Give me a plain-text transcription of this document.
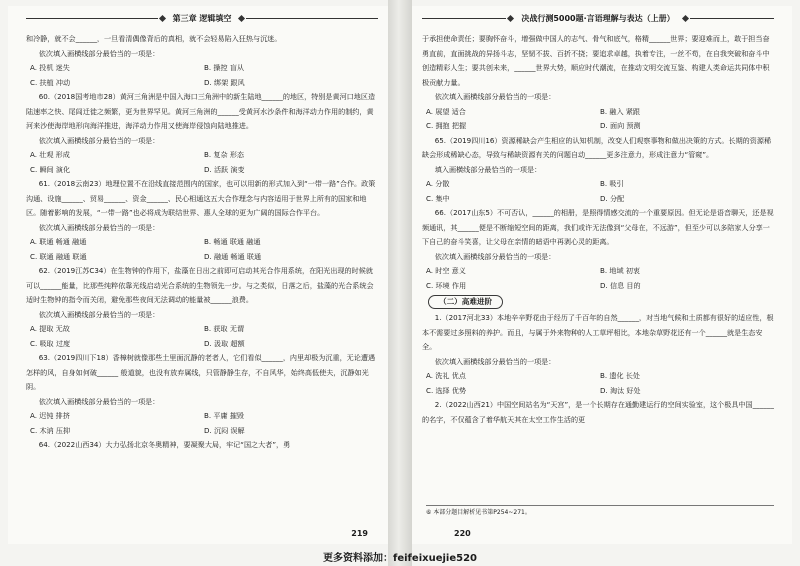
第三章 逻辑填空

和冷静，就不会______，一旦看清偶像背后的真相，就不会轻易陷入狂热与沉迷。

依次填入画横线部分最恰当的一项是：

A. 投机 迷失	B. 操控 盲从
C. 扶植 冲动	D. 绑架 跟风

60.（2018国考地市28）黄河三角洲是中国入海口三角洲中的新生陆地______的地区，特别是黄河口地区造陆速率之快、尾闾迁徙之频繁，更为世界罕见。黄河三角洲的______受黄河水沙条件和海洋动力作用的制约，黄河来沙使海岸地形向海洋推进，海洋动力作用又使海岸侵蚀向陆地推进。

依次填入画横线部分最恰当的一项是：

A. 壮观 形成	B. 复杂 形态
C. 瞬间 演化	D. 活跃 演变

61.（2018云南23）地理位置不在沿线直接范围内的国家，也可以用新的形式加入到“一带一路”合作。政策沟通、设施______、贸易______、资金______、民心相通这五大合作理念与内容适用于世界上所有的国家和地区。随着影响的发展，“一带一路”也必将成为联结世界、惠人全球的更为广阔的国际合作平台。

依次填入画横线部分最恰当的一项是：

A. 联通 畅通 融通	B. 畅通 联通 融通
C. 联通 融通 联通	D. 融通 畅通 联通

62.（2019江苏C34）在生物钟的作用下，盐藻在日出之前即可启动其光合作用系统，在阳光出现的时候就可以______能量，比那些纯粹依靠光线启动光合系统的生物领先一步。与之类似，日落之后，盐藻的光合系统会适时生物钟的指令而关闭，避免那些夜间无法调动的能量被______浪费。

依次填入画横线部分最恰当的一项是：

A. 提取 无故	B. 获取 无谓
C. 吸取 过度	D. 汲取 超额

63.（2019四川下18）香樟树就像那些土里面沉静的老者人，它们看似______，内里却极为沉重，无论遭遇怎样的风，自身如何破______ 般道貌，也没有放弃属线，只管静静生存，不自风华，始终高低使夫，沉静如光阴。

依次填入画横线部分最恰当的一项是：

A. 迟钝 排挤	B. 平庸 摧毁
C. 木讷 压抑	D. 沉闷 误解

64.（2022山西34）大力弘扬北京冬奥精神，要凝聚大局，牢记“国之大者”，勇

219
决战行测5000题·言语理解与表达（上册）

于承担使命责任；要胸怀奋斗，增强做中国人的志气、骨气和底气，格精______世界；要迎难而上，敢于担当奋勇直前，直面挑战的异扬斗志，坚韧不拔、百折不挠；要追求卓越，执着专注，一丝不苟，在自我突破和奋斗中创造精彩人生；要共创未来，______世界大势，顺应时代潮流，在推动文明交流互鉴、构建人类命运共同体中积极贡献力量。

依次填入画横线部分最恰当的一项是：

A. 展望 适合	B. 融入 紧跟
C. 拥抱 把握	D. 面向 预测

65.（2019四川16）资源稀缺会产生相应的认知机制，改变人们观察事物和做出决策的方式。长期的资源稀缺会形成稀缺心态，导致与稀缺资源有关的问题自动______更多注意力，形成注意力“管窥”。

填入画横线部分最恰当的一项是：

A. 分散	B. 吸引
C. 集中	D. 分配

66.（2017山东5）不可否认，______的相册，是照得情感交流的一个重要原因。但无论是语音聊天，还是视频通讯，其______便是不断缩短空间的距离，我们或许无法像到“父母在，不远游”，但至少可以多陪家人分享一下自己的奋斗笑喜，让父母在亲情的暗语中再剥心灵的距离。

依次填入画横线部分最恰当的一项是：

A. 时空 意义	B. 地域 初衷
C. 环境 作用	D. 信息 目的
（二）高难进阶

1.（2017河北33）本地辛辛野花由于经历了千百年的自然______，对当地气候和土质都有很好的适应性，根本不需要过多照料的养护。而且，与属于外来物种的人工草坪相比，本地杂草野花还有一个______就是生态安全。

依次填入画横线部分最恰当的一项是：

A. 洗礼 优点	B. 遗化 长处
C. 选择 优势	D. 淘汰 好处

2.（2022山西21）中国空间站名为“天宫”，是一个长期存在通勤建运行的空间实验室，这个极具中国______的名字，不仅蕴含了着华航天其在太空工作生活的更

⑥ 本部分题目解析见书第P254~271。
220
更多资料添加：feifeixuejie520
